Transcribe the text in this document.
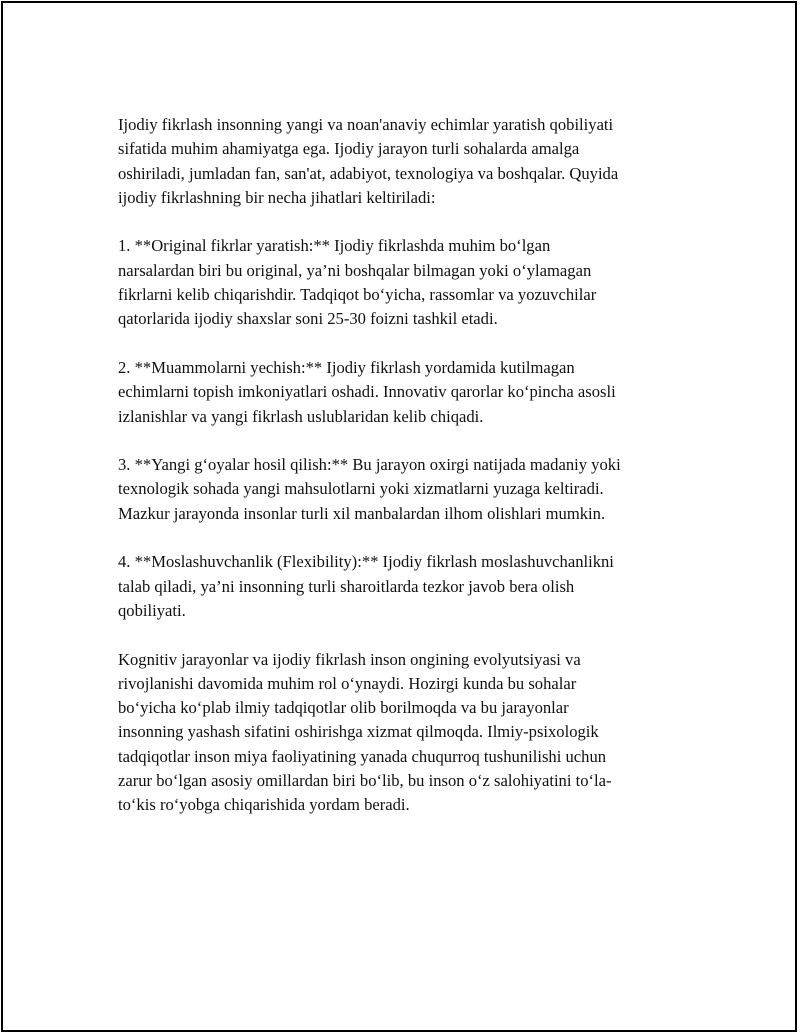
Ijodiy fikrlash insonning yangi va noan'anaviy echimlar yaratish qobiliyati
sifatida muhim ahamiyatga ega. Ijodiy jarayon turli sohalarda amalga
oshiriladi, jumladan fan, san'at, adabiyot, texnologiya va boshqalar. Quyida
ijodiy fikrlashning bir necha jihatlari keltiriladi:

1. **Original fikrlar yaratish:** Ijodiy fikrlashda muhim bo‘lgan
narsalardan biri bu original, ya’ni boshqalar bilmagan yoki o‘ylamagan
fikrlarni kelib chiqarishdir. Tadqiqot bo‘yicha, rassomlar va yozuvchilar
qatorlarida ijodiy shaxslar soni 25-30 foizni tashkil etadi.

2. **Muammolarni yechish:** Ijodiy fikrlash yordamida kutilmagan
echimlarni topish imkoniyatlari oshadi. Innovativ qarorlar ko‘pincha asosli
izlanishlar va yangi fikrlash uslublaridan kelib chiqadi.

3. **Yangi g‘oyalar hosil qilish:** Bu jarayon oxirgi natijada madaniy yoki
texnologik sohada yangi mahsulotlarni yoki xizmatlarni yuzaga keltiradi.
Mazkur jarayonda insonlar turli xil manbalardan ilhom olishlari mumkin.

4. **Moslashuvchanlik (Flexibility):** Ijodiy fikrlash moslashuvchanlikni
talab qiladi, ya’ni insonning turli sharoitlarda tezkor javob bera olish
qobiliyati.

Kognitiv jarayonlar va ijodiy fikrlash inson ongining evolyutsiyasi va
rivojlanishi davomida muhim rol o‘ynaydi. Hozirgi kunda bu sohalar
bo‘yicha ko‘plab ilmiy tadqiqotlar olib borilmoqda va bu jarayonlar
insonning yashash sifatini oshirishga xizmat qilmoqda. Ilmiy-psixologik
tadqiqotlar inson miya faoliyatining yanada chuqurroq tushunilishi uchun
zarur bo‘lgan asosiy omillardan biri bo‘lib, bu inson o‘z salohiyatini to‘la-
to‘kis ro‘yobga chiqarishida yordam beradi.
